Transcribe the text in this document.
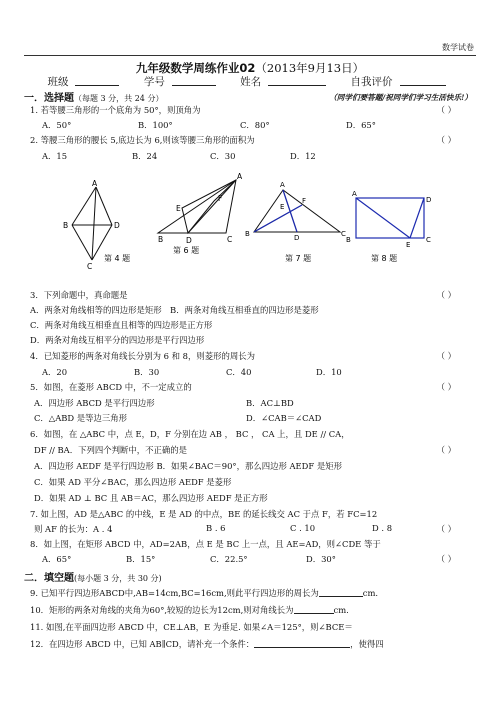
数学试卷
九年级数学周练作业02（2013年9月13日）
班级	学号	姓名	自我评价
一．选择题（每题 3 分，共 24 分）	（同学们要答题/祝同学们学习生活快乐!）
1. 若等腰三角形的一个底角为 50°，则顶角为	（ ）
A．50°	B．100°	C．80°	D．65°
2. 等腰三角形的腰长 5,底边长为 6,则该等腰三角形的面积为	（ ）
A．15	B．24	C．30	D．12
A
B	D
C
第 4 题
A
E
F
B	D	C
第 6 题
A
E
F
B	D	C
第 7 题
A
D
B
E
C
第 8 题
3．下列命题中，真命题是	（ ）
A．两条对角线相等的四边形是矩形　B．两条对角线互相垂直的四边形是菱形
C．两条对角线互相垂直且相等的四边形是正方形
D．两条对角线互相平分的四边形是平行四边形
4．已知菱形的两条对角线长分别为 6 和 8，则菱形的周长为	（ ）
A．20	B．30	C．40	D．10
5．如图，在菱形 ABCD 中，不一定成立的	（ ）
A．四边形 ABCD 是平行四边形	B．AC⊥BD
C．△ABD 是等边三角形	D．∠CAB＝∠CAD
6．如图，在 △ABC 中，点 E，D，F 分别在边 AB ， BC ， CA 上，且 DE // CA，
DF // BA．下列四个判断中，不正确的是	（ ）
A．四边形 AEDF 是平行四边形 B．如果∠BAC＝90°，那么四边形 AEDF 是矩形
C．如果 AD 平分∠BAC，那么四边形 AEDF 是菱形
D．如果 AD ⊥ BC 且 AB＝AC，那么四边形 AEDF 是正方形
7. 如上图，AD 是△ABC 的中线，E 是 AD 的中点，BE 的延长线交 AC 于点 F，若 FC=12
则 AF 的长为：A . 4	B . 6	C . 10	D . 8	（ ）
8．如上图，在矩形 ABCD 中，AD=2AB，点 E 是 BC 上一点，且 AE=AD，则∠CDE 等于
A．65°	B．15°	C．22.5°	D．30°	（ ）
二．填空题(每小题 3 分，共 30 分)
9. 已知平行四边形ABCD中,AB=14cm,BC=16cm,则此平行四边形的周长为	cm.
10．矩形的两条对角线的夹角为60°,较短的边长为12cm,则对角线长为	cm.
11. 如图,在平面四边形 ABCD 中，CE⊥AB，E 为垂足. 如果∠A＝125°，则∠BCE＝
12．在四边形 ABCD 中，已知 AB∥CD，请补充一个条件：	，使得四
